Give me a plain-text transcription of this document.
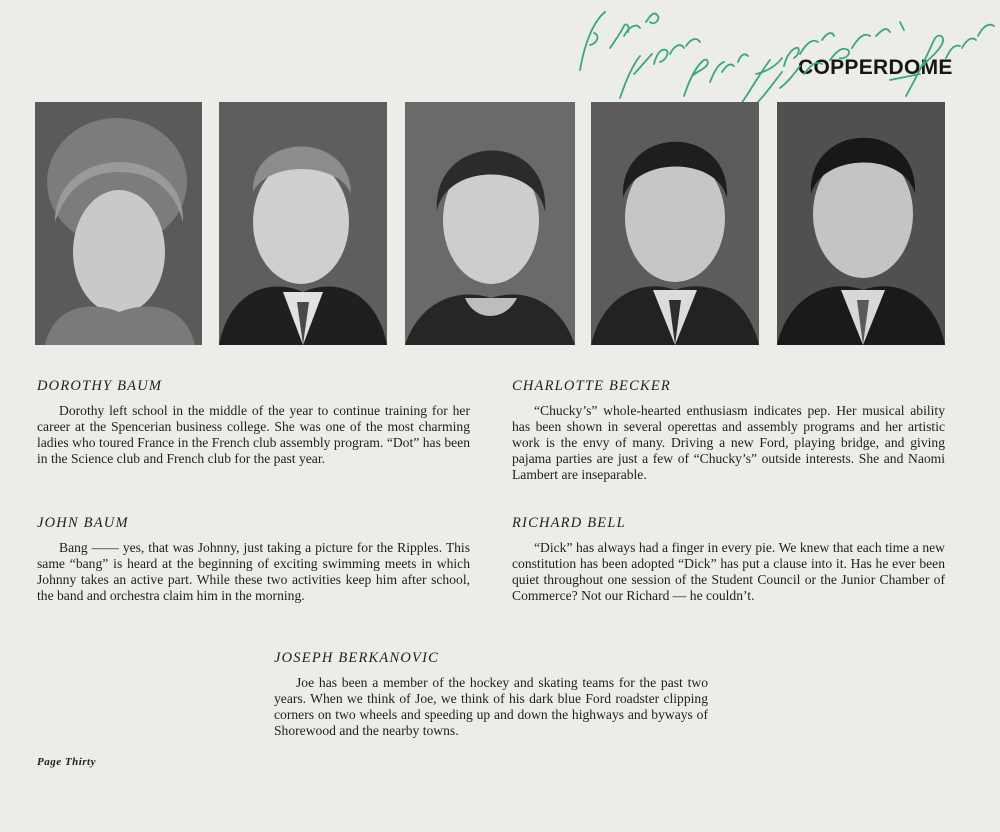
COPPERDOME
DOROTHY BAUM

Dorothy left school in the middle of the year to continue training for her career at the Spencerian business college. She was one of the most charming ladies who toured France in the French club assembly program. “Dot” has been in the Science club and French club for the past year.

CHARLOTTE BECKER

“Chucky’s” whole-hearted enthusiasm indicates pep. Her musical ability has been shown in several operettas and assembly programs and her artistic work is the envy of many. Driving a new Ford, playing bridge, and giving pajama parties are just a few of “Chucky’s” outside interests. She and Naomi Lambert are inseparable.

JOHN BAUM

Bang —— yes, that was Johnny, just taking a picture for the Ripples. This same “bang” is heard at the beginning of exciting swimming meets in which Johnny takes an active part. While these two activities keep him after school, the band and orchestra claim him in the morning.

RICHARD BELL

“Dick” has always had a finger in every pie. We knew that each time a new constitution has been adopted “Dick” has put a clause into it. Has he ever been quiet throughout one session of the Student Council or the Junior Chamber of Commerce? Not our Richard — he couldn’t.

JOSEPH BERKANOVIC

Joe has been a member of the hockey and skating teams for the past two years. When we think of Joe, we think of his dark blue Ford roadster clipping corners on two wheels and speeding up and down the highways and byways of Shorewood and the nearby towns.

Page Thirty
